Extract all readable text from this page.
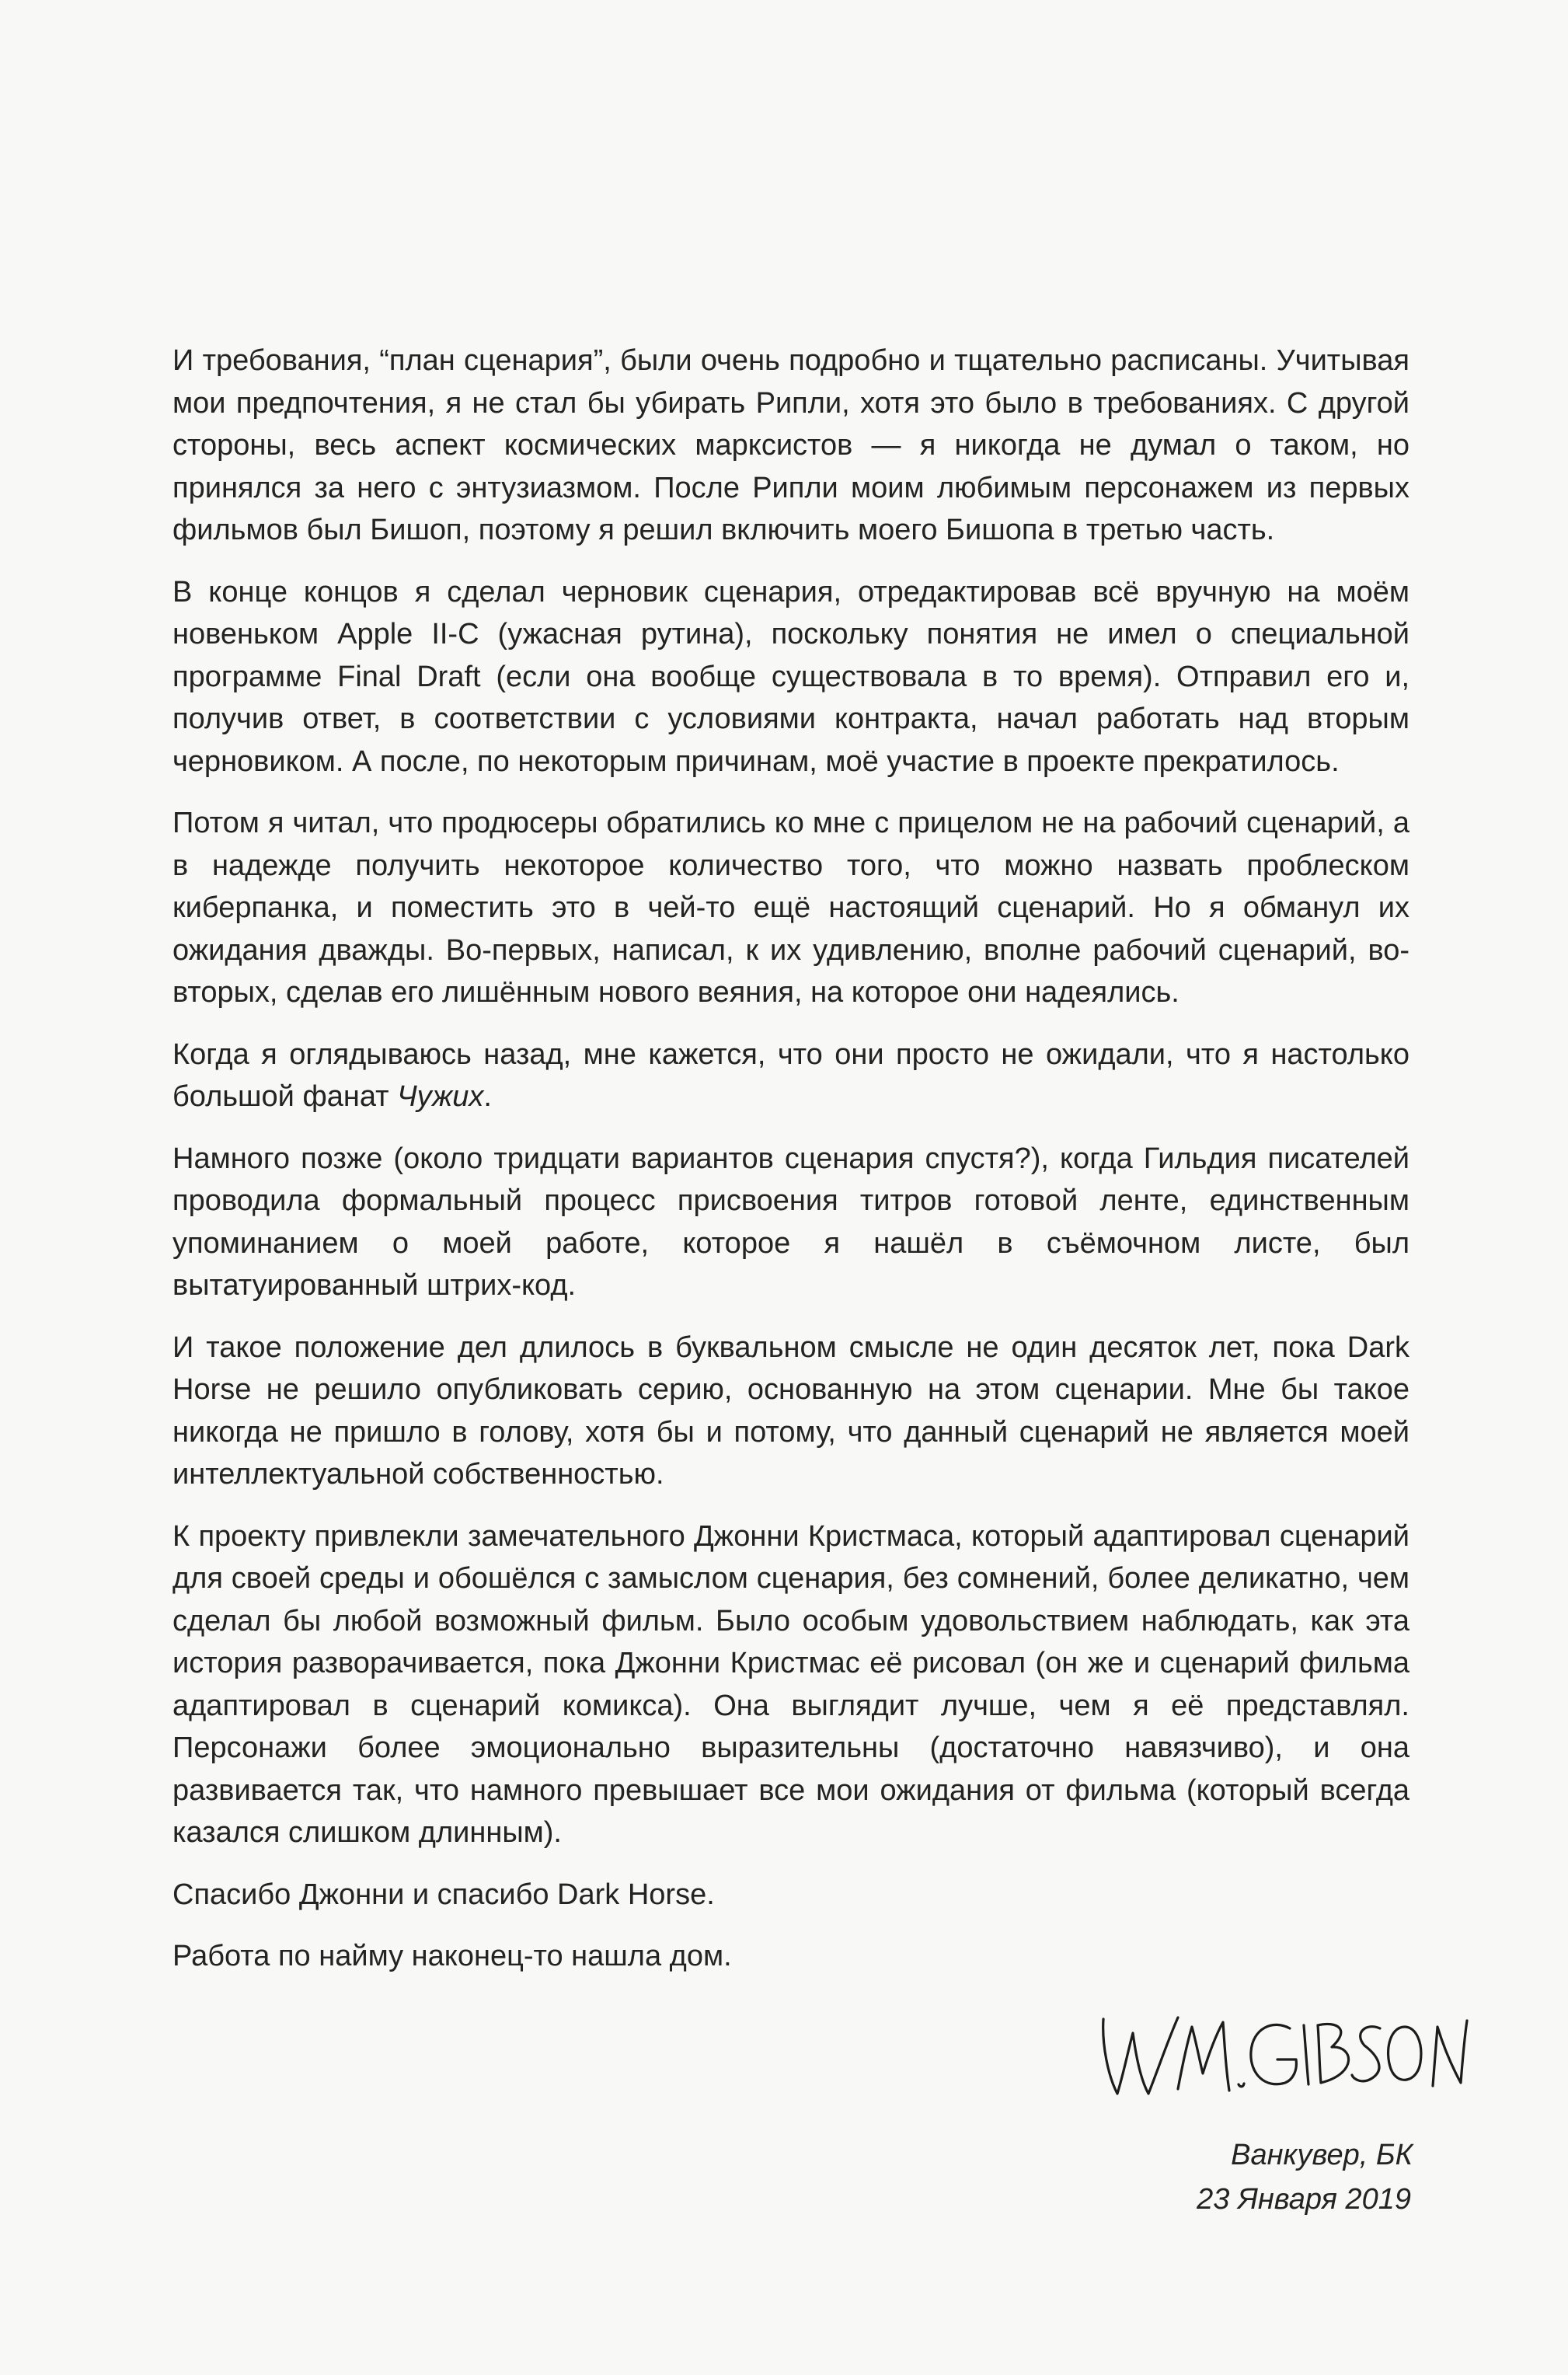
И требования, “план сценария”, были очень подробно и тщательно расписаны. Учитывая мои предпочтения, я не стал бы убирать Рипли, хотя это было в требованиях. С другой стороны, весь аспект космических марксистов — я никогда не думал о таком, но принялся за него с энтузиазмом. После Рипли моим любимым персонажем из первых фильмов был Бишоп, поэтому я решил включить моего Бишопа в третью часть.

В конце концов я сделал черновик сценария, отредактировав всё вручную на моём новеньком Apple II-C (ужасная рутина), поскольку понятия не имел о специальной программе Final Draft (если она вообще существовала в то время). Отправил его и, получив ответ, в соответствии с условиями контракта, начал работать над вторым черновиком. А после, по некоторым причинам, моё участие в проекте прекратилось.

Потом я читал, что продюсеры обратились ко мне с прицелом не на рабочий сценарий, а в надежде получить некоторое количество того, что можно назвать проблеском киберпанка, и поместить это в чей-то ещё настоящий сценарий. Но я обманул их ожидания дважды. Во-первых, написал, к их удивлению, вполне рабочий сценарий, во-вторых, сделав его лишённым нового веяния, на которое они надеялись.

Когда я оглядываюсь назад, мне кажется, что они просто не ожидали, что я настолько большой фанат Чужих.

Намного позже (около тридцати вариантов сценария спустя?), когда Гильдия писателей проводила формальный процесс присвоения титров готовой ленте, единственным упоминанием о моей работе, которое я нашёл в съёмочном листе, был вытатуированный штрих-код.

И такое положение дел длилось в буквальном смысле не один десяток лет, пока Dark Horse не решило опубликовать серию, основанную на этом сценарии. Мне бы такое никогда не пришло в голову, хотя бы и потому, что данный сценарий не является моей интеллектуальной собственностью.

К проекту привлекли замечательного Джонни Кристмаса, который адаптировал сценарий для своей среды и обошёлся с замыслом сценария, без сомнений, более деликатно, чем сделал бы любой возможный фильм. Было особым удовольствием наблюдать, как эта история разворачивается, пока Джонни Кристмас её рисовал (он же и сценарий фильма адаптировал в сценарий комикса). Она выглядит лучше, чем я её представлял. Персонажи более эмоционально выразительны (достаточно навязчиво), и она развивается так, что намного превышает все мои ожидания от фильма (который всегда казался слишком длинным).

Спасибо Джонни и спасибо Dark Horse.

Работа по найму наконец-то нашла дом.

Ванкувер, БК
23 Января 2019
